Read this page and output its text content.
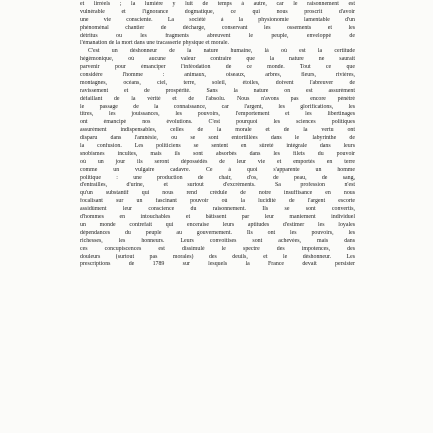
et lirréels ; la lumière y luit de temps à autre, car le raisonnement est
vulnérable et l'ignorance dogmatique, ce qui nous proscrit d'avoir
une vie consciente. La société à la physionomie lamentable d'un
phénoménal chantier de décharge, conservant les ossements et les
détritus ou les fragments abreuvent le peuple, enveloppé de
l'émanation de la mort dans une tracasserie physique et morale.
C'est un déshonneur de la nature humaine, là où est la certitude
hégémonique, où aucune valeur contraire que la nature ne saurait
parvenir pour émanciper l'inféodation de ce monde. Tout ce que
considère l'homme : animaux, oiseaux, arbres, fleurs, rivières,
montagnes, océans, ciel, terre, soleil, étoiles, doivent l'abreuver de
ravissement et de prospérité. Sans la nature on est assurément
défaillant de la vérité et de l'absolu. Nous n'avons pas encore pénétré
le passage de la connaissance, car l'argent, les glorifications, les
titres, les jouissances, les pouvoirs, l'emportement et les libertinages
ont émancipé nos évolutions. C'est pourquoi les sciences politiques
assurément indispensables, celles de la morale et de la vertu ont
disparu dans l'amnésie, ou se sont entortillées dans le labyrinthe de
la confusion. Les politiciens se sentent en sûreté intégrale dans leurs
snobismes incultes, mais ils sont absorbés dans les filets du pouvoir
où un jour ils seront dépossédés de leur vie et emportés en terre
comme un vulgaire cadavre. Ce à quoi s'apparente un homme
politique : une production de chair, d'os, de peau, de sang,
d'entrailles, d'urine, et surtout d'excréments. Sa profession n'est
qu'un substantif qui nous rend crédule de notre insuffisance en nous
focalisant sur un fascinant pouvoir où la lucidité de l'argent escorte
assidûment leur conscience du raisonnement. Ils se sont convertis,
d'hommes en intouchables et bâtissent par leur maniement individuel
un monde contrefait qui enceraise leurs aptitudes d'estimer les loyales
dépendances du peuple au gouvernement. Ils ont les pouvoirs, les
richesses, les honneurs. Leurs convoitises sont achevées, mais dans
ces concupiscences est dissimulé le spectre des impotences, des
douleurs (surtout pas morales) des deuils, et le déshonneur. Les
prescriptions de 1789 sur lesquels la France devait persister
